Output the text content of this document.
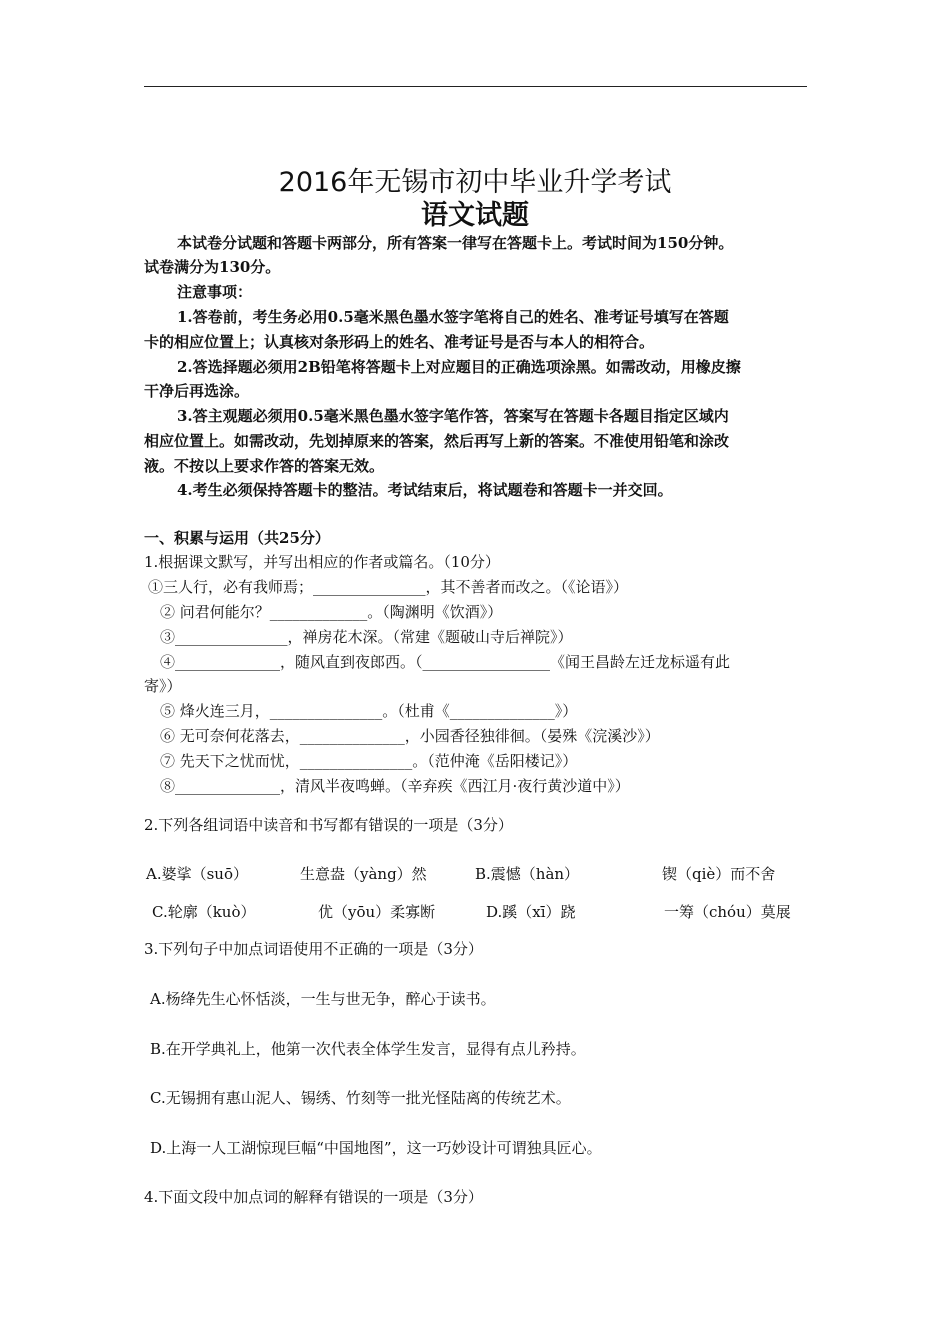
2016年无锡市初中毕业升学考试
语文试题
本试卷分试题和答题卡两部分，所有答案一律写在答题卡上。考试时间为150分钟。
试卷满分为130分。
注意事项：
1.答卷前，考生务必用0.5毫米黑色墨水签字笔将自己的姓名、准考证号填写在答题
卡的相应位置上；认真核对条形码上的姓名、准考证号是否与本人的相符合。
2.答选择题必须用2B铅笔将答题卡上对应题目的正确选项涂黑。如需改动，用橡皮擦
干净后再选涂。
3.答主观题必须用0.5毫米黑色墨水签字笔作答，答案写在答题卡各题目指定区域内
相应位置上。如需改动，先划掉原来的答案，然后再写上新的答案。不准使用铅笔和涂改
液。不按以上要求作答的答案无效。
4.考生必须保持答题卡的整洁。考试结束后，将试题卷和答题卡一并交回。
一、积累与运用（共25分）
1.根据课文默写，并写出相应的作者或篇名。（10分）
①三人行，必有我师焉；_______________，其不善者而改之。（《论语》）
② 问君何能尔？_____________。（陶渊明《饮酒》）
③_______________，禅房花木深。（常建《题破山寺后禅院》）
④______________，随风直到夜郎西。（_________________《闻王昌龄左迁龙标遥有此
寄》）
⑤ 烽火连三月，_______________。（杜甫《______________》）
⑥ 无可奈何花落去，______________，小园香径独徘徊。（晏殊《浣溪沙》）
⑦ 先天下之忧而忧，_______________。（范仲淹《岳阳楼记》）
⑧______________，清风半夜鸣蝉。（辛弃疾《西江月·夜行黄沙道中》）
2.下列各组词语中读音和书写都有错误的一项是（3分）
A.婆挲（suō）	生意盎（yàng）然	B.震憾（hàn）	锲（qiè）而不舍
C.轮廓（kuò）	优（yōu）柔寡断	D.蹊（xī）跷	一筹（chóu）莫展
3.下列句子中加点词语使用不正确的一项是（3分）
A.杨绛先生心怀恬淡，一生与世无争，醉心于读书。
B.在开学典礼上，他第一次代表全体学生发言，显得有点儿矜持。
C.无锡拥有惠山泥人、锡绣、竹刻等一批光怪陆离的传统艺术。
D.上海一人工湖惊现巨幅“中国地图”，这一巧妙设计可谓独具匠心。
4.下面文段中加点词的解释有错误的一项是（3分）
